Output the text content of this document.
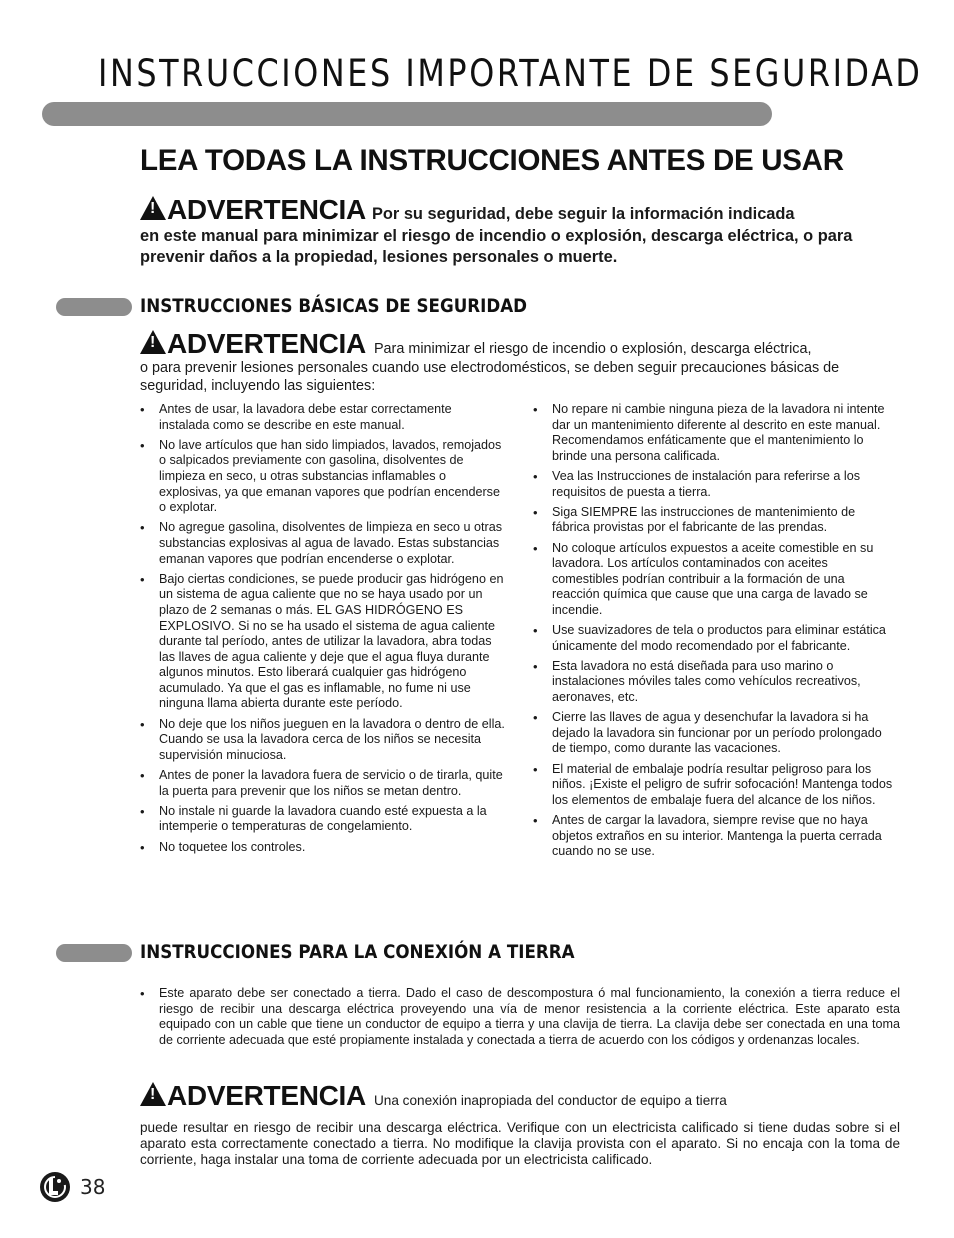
INSTRUCCIONES IMPORTANTE DE SEGURIDAD
LEA TODAS LA INSTRUCCIONES ANTES DE USAR
!ADVERTENCIA Por su seguridad, debe seguir la información indicada
en este manual para minimizar el riesgo de incendio o explosión, descarga eléctrica, o para prevenir daños a la propiedad, lesiones personales o muerte.
INSTRUCCIONES BÁSICAS DE SEGURIDAD
!ADVERTENCIA Para minimizar el riesgo de incendio o explosión, descarga eléctrica,
o para prevenir lesiones personales cuando use electrodomésticos, se deben seguir precauciones básicas de seguridad, incluyendo las siguientes:
• Antes de usar, la lavadora debe estar correctamente instalada como se describe en este manual.
• No lave artículos que han sido limpiados, lavados, remojados o salpicados previamente con gasolina, disolventes de limpieza en seco, u otras substancias inflamables o explosivas, ya que emanan vapores que podrían encenderse o explotar.
• No agregue gasolina, disolventes de limpieza en seco u otras substancias explosivas al agua de lavado. Estas substancias emanan vapores que podrían encenderse o explotar.
• Bajo ciertas condiciones, se puede producir gas hidrógeno en un sistema de agua caliente que no se haya usado por un plazo de 2 semanas o más. EL GAS HIDRÓGENO ES EXPLOSIVO. Si no se ha usado el sistema de agua caliente durante tal período, antes de utilizar la lavadora, abra todas las llaves de agua caliente y deje que el agua fluya durante algunos minutos. Esto liberará cualquier gas hidrógeno acumulado. Ya que el gas es inflamable, no fume ni use ninguna llama abierta durante este período.
• No deje que los niños jueguen en la lavadora o dentro de ella. Cuando se usa la lavadora cerca de los niños se necesita supervisión minuciosa.
• Antes de poner la lavadora fuera de servicio o de tirarla, quite la puerta para prevenir que los niños se metan dentro.
• No instale ni guarde la lavadora cuando esté expuesta a la intemperie o temperaturas de congelamiento.
• No toquetee los controles.
• No repare ni cambie ninguna pieza de la lavadora ni intente dar un mantenimiento diferente al descrito en este manual. Recomendamos enfáticamente que el mantenimiento lo brinde una persona calificada.
• Vea las Instrucciones de instalación para referirse a los requisitos de puesta a tierra.
• Siga SIEMPRE las instrucciones de mantenimiento de fábrica provistas por el fabricante de las prendas.
• No coloque artículos expuestos a aceite comestible en su lavadora. Los artículos contaminados con aceites comestibles podrían contribuir a la formación de una reacción química que cause que una carga de lavado se incendie.
• Use suavizadores de tela o productos para eliminar estática únicamente del modo recomendado por el fabricante.
• Esta lavadora no está diseñada para uso marino o instalaciones móviles tales como vehículos recreativos, aeronaves, etc.
• Cierre las llaves de agua y desenchufar la lavadora si ha dejado la lavadora sin funcionar por un período prolongado de tiempo, como durante las vacaciones.
• El material de embalaje podría resultar peligroso para los niños. ¡Existe el peligro de sufrir sofocación! Mantenga todos los elementos de embalaje fuera del alcance de los niños.
• Antes de cargar la lavadora, siempre revise que no haya objetos extraños en su interior. Mantenga la puerta cerrada cuando no se use.
INSTRUCCIONES PARA LA CONEXIÓN A TIERRA
• Este aparato debe ser conectado a tierra. Dado el caso de descompostura ó mal funcionamiento, la conexión a tierra reduce el riesgo de recibir una descarga eléctrica proveyendo una vía de menor resistencia a la corriente eléctrica. Este aparato esta equipado con un cable que tiene un conductor de equipo a tierra y una clavija de tierra. La clavija debe ser conectada en una toma de corriente adecuada que esté propiamente instalada y conectada a tierra de acuerdo con los códigos y ordenanzas locales.
!ADVERTENCIA Una conexión inapropiada del conductor de equipo a tierra
puede resultar en riesgo de recibir una descarga eléctrica. Verifique con un electricista calificado si tiene dudas sobre si el aparato esta correctamente conectado a tierra. No modifique la clavija provista con el aparato. Si no encaja con la toma de corriente, haga instalar una toma de corriente adecuada por un electricista calificado.
38
